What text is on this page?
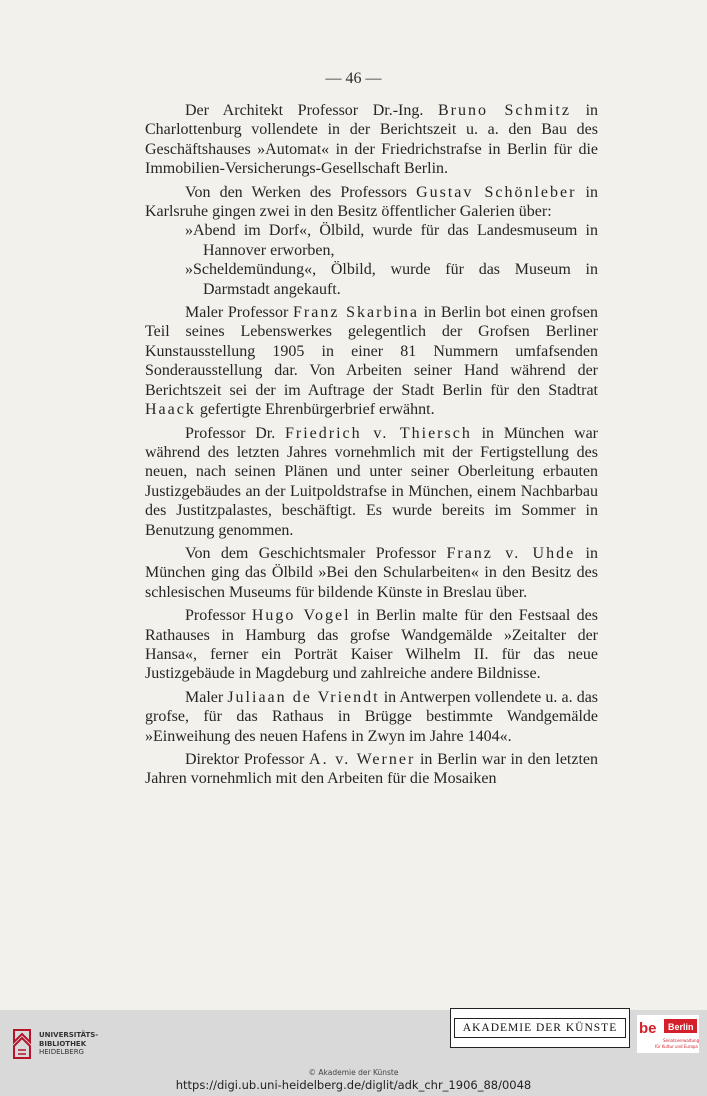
— 46 —

Der Architekt Professor Dr.-Ing. Bruno Schmitz in Charlottenburg vollendete in der Berichtszeit u. a. den Bau des Geschäftshauses »Automat« in der Friedrichstrafse in Berlin für die Immobilien-Versicherungs-Gesellschaft Berlin.

Von den Werken des Professors Gustav Schönleber in Karlsruhe gingen zwei in den Besitz öffentlicher Galerien über:

»Abend im Dorf«, Ölbild, wurde für das Landesmuseum in Hannover erworben,

»Scheldemündung«, Ölbild, wurde für das Museum in Darmstadt angekauft.

Maler Professor Franz Skarbina in Berlin bot einen grofsen Teil seines Lebenswerkes gelegentlich der Grofsen Berliner Kunstausstellung 1905 in einer 81 Nummern umfafsenden Sonderausstellung dar. Von Arbeiten seiner Hand während der Berichtszeit sei der im Auftrage der Stadt Berlin für den Stadtrat Haack gefertigte Ehrenbürgerbrief erwähnt.

Professor Dr. Friedrich v. Thiersch in München war während des letzten Jahres vornehmlich mit der Fertigstellung des neuen, nach seinen Plänen und unter seiner Oberleitung erbauten Justizgebäudes an der Luitpoldstrafse in München, einem Nachbarbau des Justitzpalastes, beschäftigt. Es wurde bereits im Sommer in Benutzung genommen.

Von dem Geschichtsmaler Professor Franz v. Uhde in München ging das Ölbild »Bei den Schularbeiten« in den Besitz des schlesischen Museums für bildende Künste in Breslau über.

Professor Hugo Vogel in Berlin malte für den Festsaal des Rathauses in Hamburg das grofse Wandgemälde »Zeitalter der Hansa«, ferner ein Porträt Kaiser Wilhelm II. für das neue Justizgebäude in Magdeburg und zahlreiche andere Bildnisse.

Maler Juliaan de Vriendt in Antwerpen vollendete u. a. das grofse, für das Rathaus in Brügge bestimmte Wandgemälde »Einweihung des neuen Hafens in Zwyn im Jahre 1404«.

Direktor Professor A. v. Werner in Berlin war in den letzten Jahren vornehmlich mit den Arbeiten für die Mosaiken

UNIVERSITÄTS-
BIBLIOTHEK
HEIDELBERG
AKADEMIE DER KÜNSTE	be Berlin
Senatsverwaltung
für Kultur und Europa
© Akademie der Künste
https://digi.ub.uni-heidelberg.de/diglit/adk_chr_1906_88/0048
